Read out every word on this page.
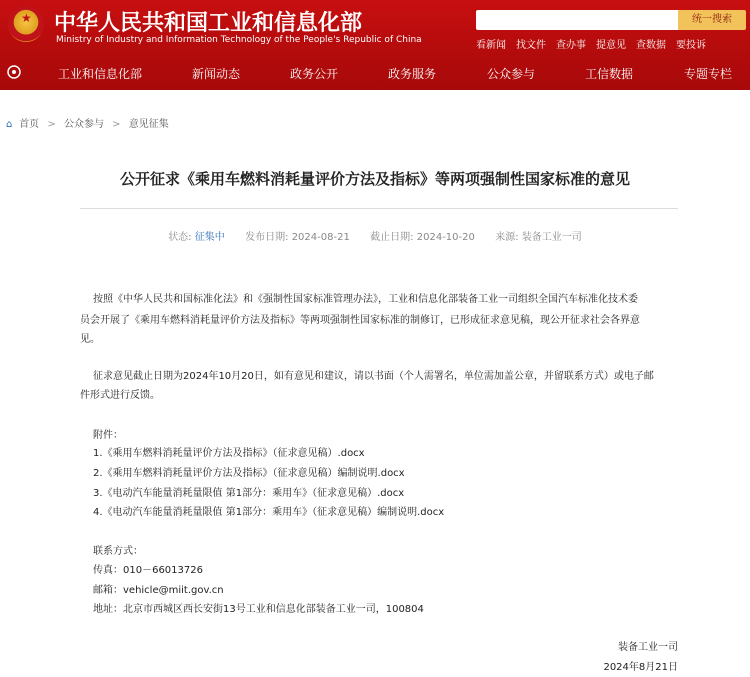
★ 中华人民共和国工业和信息化部
Ministry of Industry and Information Technology of the People's Republic of China
统一搜索
看新闻 找文件 查办事 提意见 查数据 要投诉
工业和信息化部	新闻动态	政务公开	政务服务	公众参与	工信数据	专题专栏
⌂ 首页 > 公众参与 > 意见征集
公开征求《乘用车燃料消耗量评价方法及指标》等两项强制性国家标准的意见
状态: 征集中 发布日期: 2024-08-21 截止日期: 2024-10-20 来源: 装备工业一司
按照《中华人民共和国标准化法》和《强制性国家标准管理办法》，工业和信息化部装备工业一司组织全国汽车标准化技术委
员会开展了《乘用车燃料消耗量评价方法及指标》等两项强制性国家标准的制修订，已形成征求意见稿，现公开征求社会各界意
见。
征求意见截止日期为2024年10月20日，如有意见和建议，请以书面（个人需署名，单位需加盖公章，并留联系方式）或电子邮
件形式进行反馈。
附件：
1.《乘用车燃料消耗量评价方法及指标》（征求意见稿）.docx
2.《乘用车燃料消耗量评价方法及指标》（征求意见稿）编制说明.docx
3.《电动汽车能量消耗量限值 第1部分：乘用车》（征求意见稿）.docx
4.《电动汽车能量消耗量限值 第1部分：乘用车》（征求意见稿）编制说明.docx
联系方式：
传真：010－66013726
邮箱：vehicle@miit.gov.cn
地址：北京市西城区西长安街13号工业和信息化部装备工业一司，100804
装备工业一司
2024年8月21日
